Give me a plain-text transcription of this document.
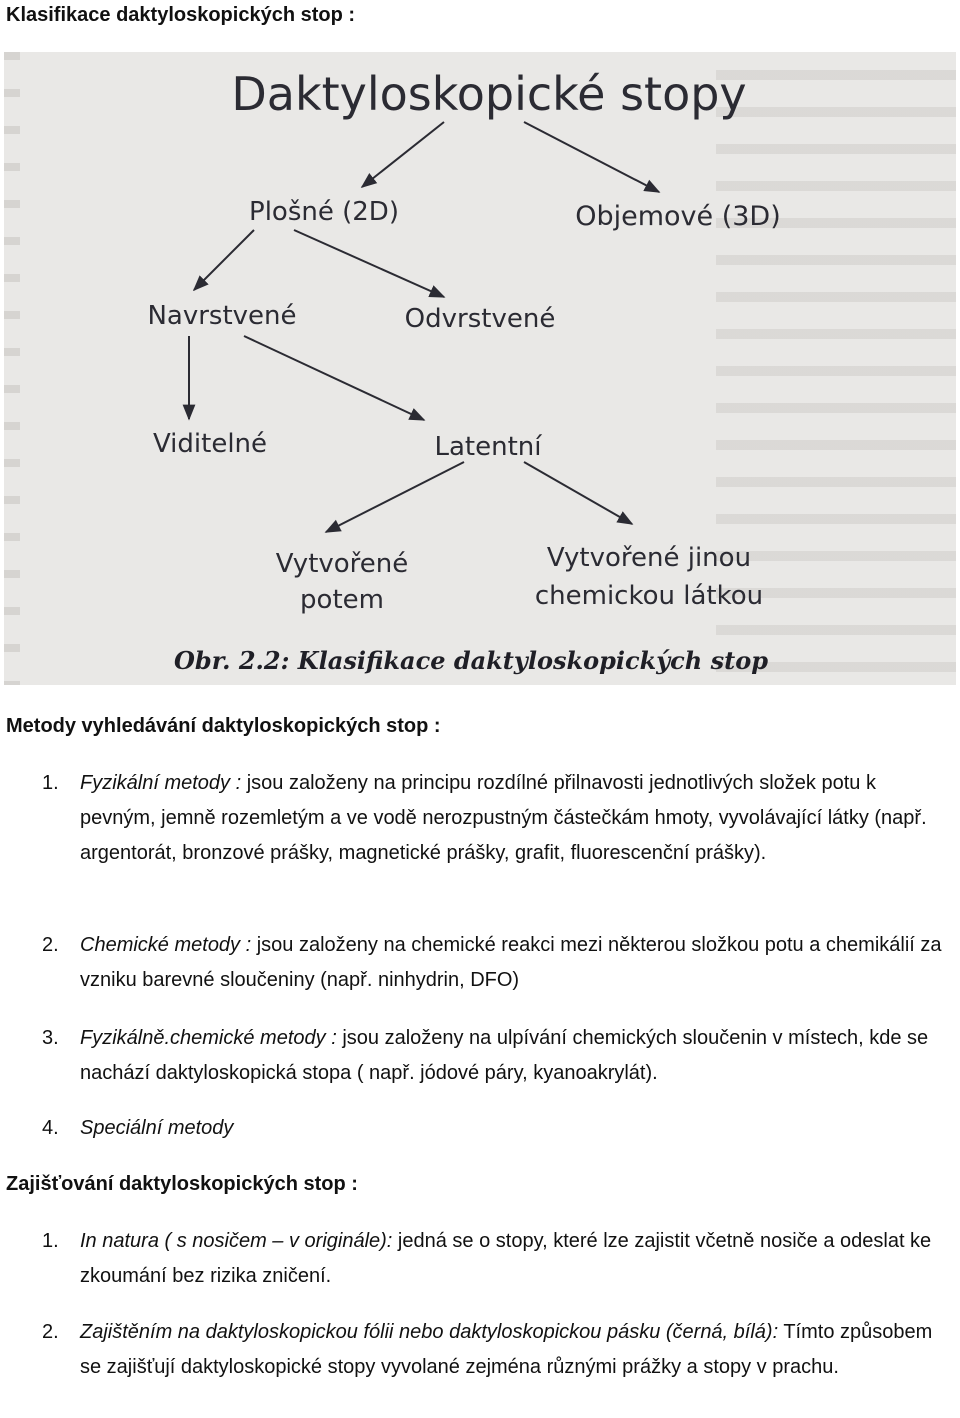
Klasifikace daktyloskopických stop :
Daktyloskopické stopy
Plošné (2D)	Objemové (3D)
Navrstvené	Odvrstvené
Viditelné	Latentní
Vytvořené
potem
Vytvořené jinou
chemickou látkou
Obr. 2.2: Klasifikace daktyloskopických stop
Metody vyhledávání daktyloskopických stop :
1. Fyzikální metody : jsou založeny na principu rozdílné přilnavosti jednotlivých složek potu k pevným, jemně rozemletým a ve vodě nerozpustným částečkám hmoty, vyvolávající látky (např. argentorát, bronzové prášky, magnetické prášky, grafit, fluorescenční prášky).
2. Chemické metody : jsou založeny na chemické reakci mezi některou složkou potu a chemikálií za vzniku barevné sloučeniny (např. ninhydrin, DFO)
3. Fyzikálně.chemické metody : jsou založeny na ulpívání chemických sloučenin v místech, kde se nachází daktyloskopická stopa ( např. jódové páry, kyanoakrylát).
4. Speciální metody
Zajišťování daktyloskopických stop :
1. In natura ( s nosičem – v originále): jedná se o stopy, které lze zajistit včetně nosiče a odeslat ke zkoumání bez rizika zničení.
2. Zajištěním na daktyloskopickou fólii nebo daktyloskopickou pásku (černá, bílá): Tímto způsobem se zajišťují daktyloskopické stopy vyvolané zejména různými prážky a stopy v prachu.
